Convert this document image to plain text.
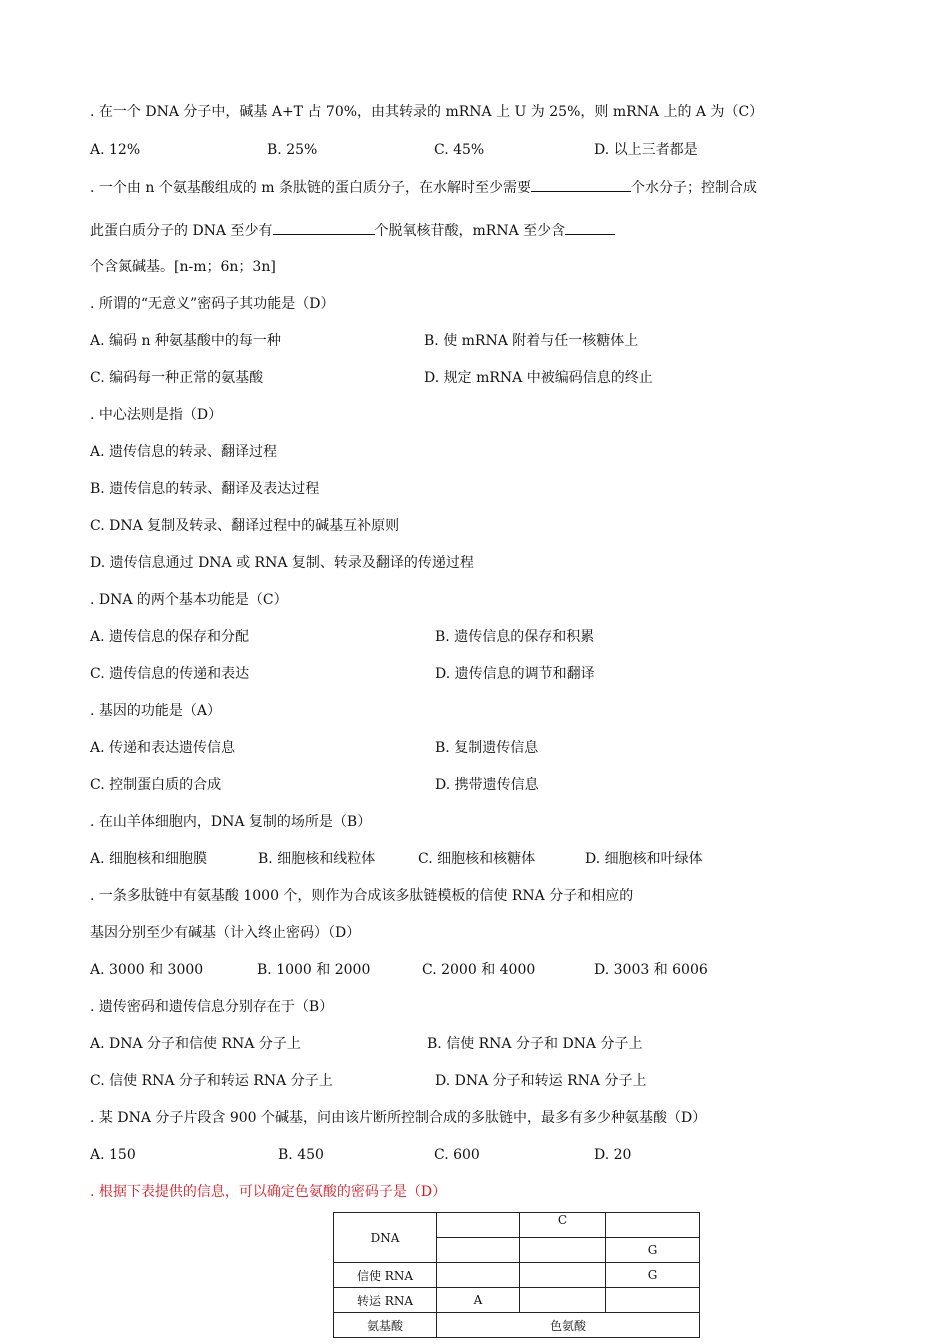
. 在一个 DNA 分子中，碱基 A+T 占 70%，由其转录的 mRNA 上 U 为 25%，则 mRNA 上的 A 为（C）
A. 12%	B. 25%	C. 45%	D. 以上三者都是
. 一个由 n 个氨基酸组成的 m 条肽链的蛋白质分子，在水解时至少需要	个水分子；控制合成
此蛋白质分子的 DNA 至少有	个脱氧核苷酸，mRNA 至少含
个含氮碱基。[n-m；6n；3n]
. 所谓的“无意义”密码子其功能是（D）
A. 编码 n 种氨基酸中的每一种	B. 使 mRNA 附着与任一核糖体上
C. 编码每一种正常的氨基酸	D. 规定 mRNA 中被编码信息的终止
. 中心法则是指（D）
A. 遗传信息的转录、翻译过程
B. 遗传信息的转录、翻译及表达过程
C. DNA 复制及转录、翻译过程中的碱基互补原则
D. 遗传信息通过 DNA 或 RNA 复制、转录及翻译的传递过程
. DNA 的两个基本功能是（C）
A. 遗传信息的保存和分配	B. 遗传信息的保存和积累
C. 遗传信息的传递和表达	D. 遗传信息的调节和翻译
. 基因的功能是（A）
A. 传递和表达遗传信息	B. 复制遗传信息
C. 控制蛋白质的合成	D. 携带遗传信息
. 在山羊体细胞内，DNA 复制的场所是（B）
A. 细胞核和细胞膜	B. 细胞核和线粒体	C. 细胞核和核糖体	D. 细胞核和叶绿体
. 一条多肽链中有氨基酸 1000 个，则作为合成该多肽链模板的信使 RNA 分子和相应的
基因分别至少有碱基（计入终止密码）（D）
A. 3000 和 3000	B. 1000 和 2000	C. 2000 和 4000	D. 3003 和 6006
. 遗传密码和遗传信息分别存在于（B）
A. DNA 分子和信使 RNA 分子上	B. 信使 RNA 分子和 DNA 分子上
C. 信使 RNA 分子和转运 RNA 分子上	D. DNA 分子和转运 RNA 分子上
. 某 DNA 分子片段含 900 个碱基，问由该片断所控制合成的多肽链中，最多有多少种氨基酸（D）
A. 150	B. 450	C. 600	D. 20
. 根据下表提供的信息，可以确定色氨酸的密码子是（D）
DNA		C	
			G
信使 RNA			G
转运 RNA	A		
氨基酸	色氨酸		
